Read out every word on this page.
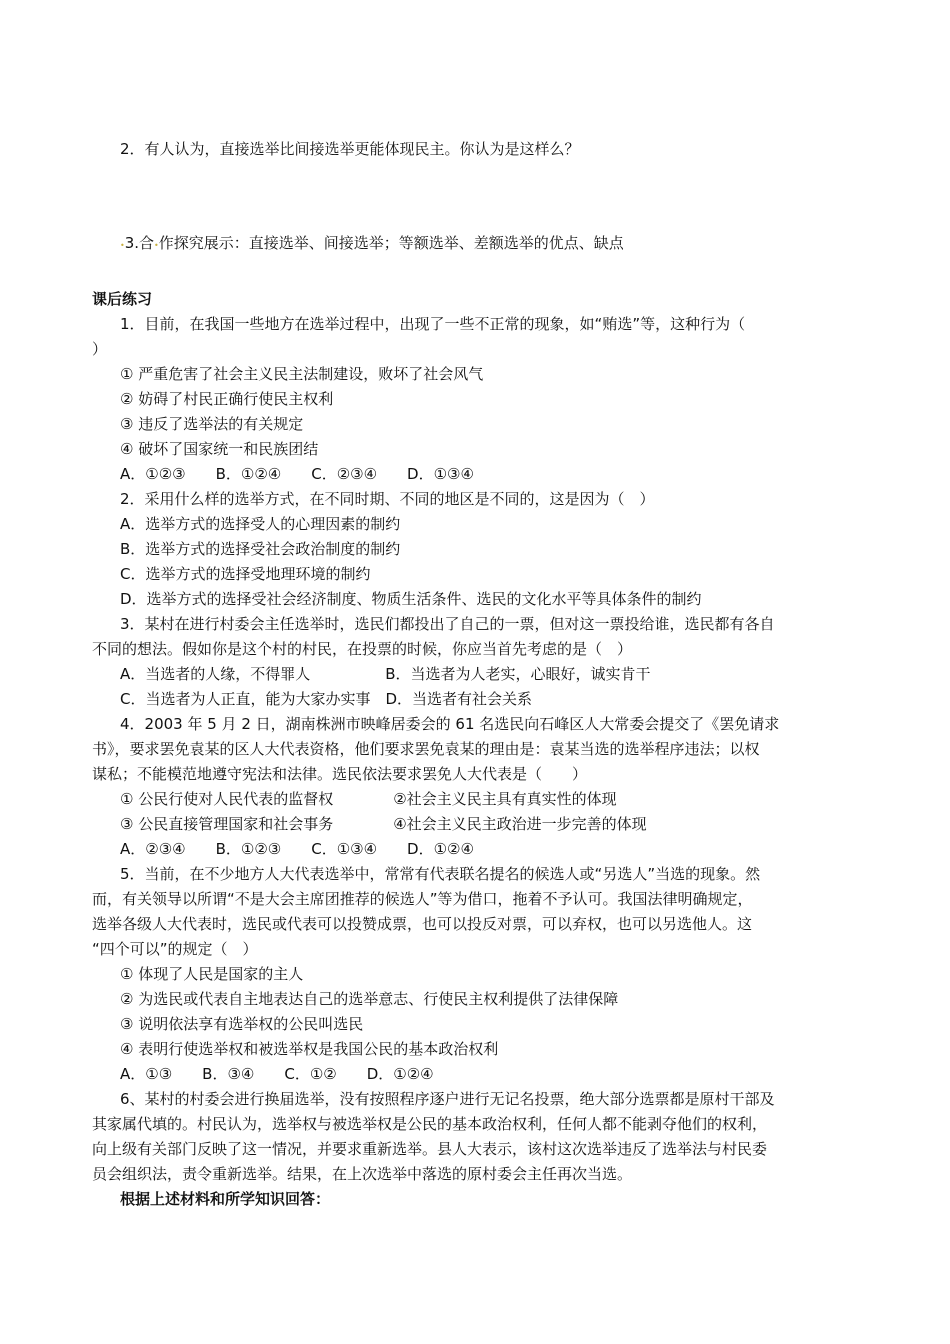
2．有人认为，直接选举比间接选举更能体现民主。你认为是这样么？
•3.合•作探究展示：直接选举、间接选举；等额选举、差额选举的优点、缺点
课后练习
1．目前，在我国一些地方在选举过程中，出现了一些不正常的现象，如“贿选”等，这种行为（
）
① 严重危害了社会主义民主法制建设，败坏了社会风气
② 妨碍了村民正确行使民主权利
③ 违反了选举法的有关规定
④ 破坏了国家统一和民族团结
A．①②③　　B．①②④　　C．②③④　　D．①③④
2．采用什么样的选举方式，在不同时期、不同的地区是不同的，这是因为（　）
A．选举方式的选择受人的心理因素的制约
B．选举方式的选择受社会政治制度的制约
C．选举方式的选择受地理环境的制约
D．选举方式的选择受社会经济制度、物质生活条件、选民的文化水平等具体条件的制约
3．某村在进行村委会主任选举时，选民们都投出了自己的一票，但对这一票投给谁，选民都有各自
不同的想法。假如你是这个村的村民，在投票的时候，你应当首先考虑的是（　）
A．当选者的人缘，不得罪人　　　　　B．当选者为人老实，心眼好，诚实肯干
C．当选者为人正直，能为大家办实事　D．当选者有社会关系
4．2003 年 5 月 2 日，湖南株洲市映峰居委会的 61 名选民向石峰区人大常委会提交了《罢免请求
书》，要求罢免袁某的区人大代表资格，他们要求罢免袁某的理由是：袁某当选的选举程序违法；以权
谋私；不能模范地遵守宪法和法律。选民依法要求罢免人大代表是（　　）
① 公民行使对人民代表的监督权　　　　②社会主义民主具有真实性的体现
③ 公民直接管理国家和社会事务　　　　④社会主义民主政治进一步完善的体现
A．②③④　　B．①②③　　C．①③④　　D．①②④
5．当前，在不少地方人大代表选举中，常常有代表联名提名的候选人或“另选人”当选的现象。然
而，有关领导以所谓“不是大会主席团推荐的候选人”等为借口，拖着不予认可。我国法律明确规定，
选举各级人大代表时，选民或代表可以投赞成票，也可以投反对票，可以弃权，也可以另选他人。这
“四个可以”的规定（　）
① 体现了人民是国家的主人
② 为选民或代表自主地表达自己的选举意志、行使民主权利提供了法律保障
③ 说明依法享有选举权的公民叫选民
④ 表明行使选举权和被选举权是我国公民的基本政治权利
A．①③　　B．③④　　C．①②　　D．①②④
6、某村的村委会进行换届选举，没有按照程序逐户进行无记名投票，绝大部分选票都是原村干部及
其家属代填的。村民认为，选举权与被选举权是公民的基本政治权利，任何人都不能剥夺他们的权利，
向上级有关部门反映了这一情况，并要求重新选举。县人大表示，该村这次选举违反了选举法与村民委
员会组织法，责令重新选举。结果，在上次选举中落选的原村委会主任再次当选。
根据上述材料和所学知识回答：
